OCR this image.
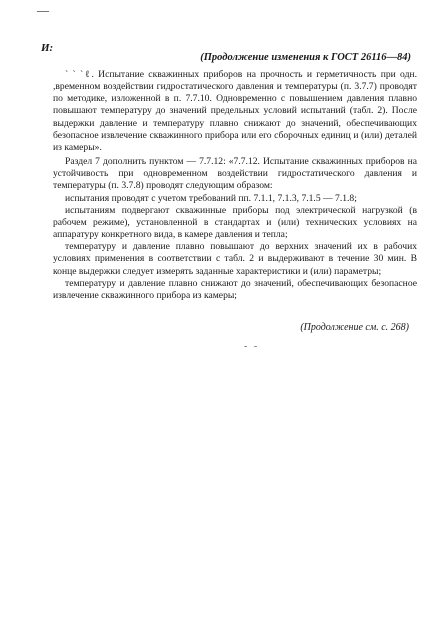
—
И:
(Продолжение изменения к ГОСТ 26116—84)

` ` `ℓ. Испытание скважинных приборов на прочность и герметичность при одн. ,временном воздействии гидростатического давления и температуры (п. 3.7.7) проводят по методике, изложенной в п. 7.7.10. Одновременно с повышением давления плавно повышают температуру до значений предельных условий испытаний (табл. 2). После выдержки давление и температуру плавно снижают до значений, обеспечивающих безопасное извлечение скважинного прибора или его сборочных единиц и (или) деталей из камеры».

Раздел 7 дополнить пунктом — 7.7.12: «7.7.12. Испытание скважинных приборов на устойчивость при одновременном воздействии гидростатического давления и температуры (п. 3.7.8) проводят следующим образом:

испытания проводят с учетом требований пп. 7.1.1, 7.1.3, 7.1.5 — 7.1.8;

испытаниям подвергают скважинные приборы под электрической нагрузкой (в рабочем режиме), установленной в стандартах и (или) технических условиях на аппаратуру конкретного вида, в камере давления и тепла;

температуру и давление плавно повышают до верхних значений их в рабочих условиях применения в соответствии с табл. 2 и выдерживают в течение 30 мин. В конце выдержки следует измерять заданные характеристики и (или) параметры;

температуру и давление плавно снижают до значений, обеспечивающих безопасное извлечение скважинного прибора из камеры;

(Продолжение см. с. 268)
- -
